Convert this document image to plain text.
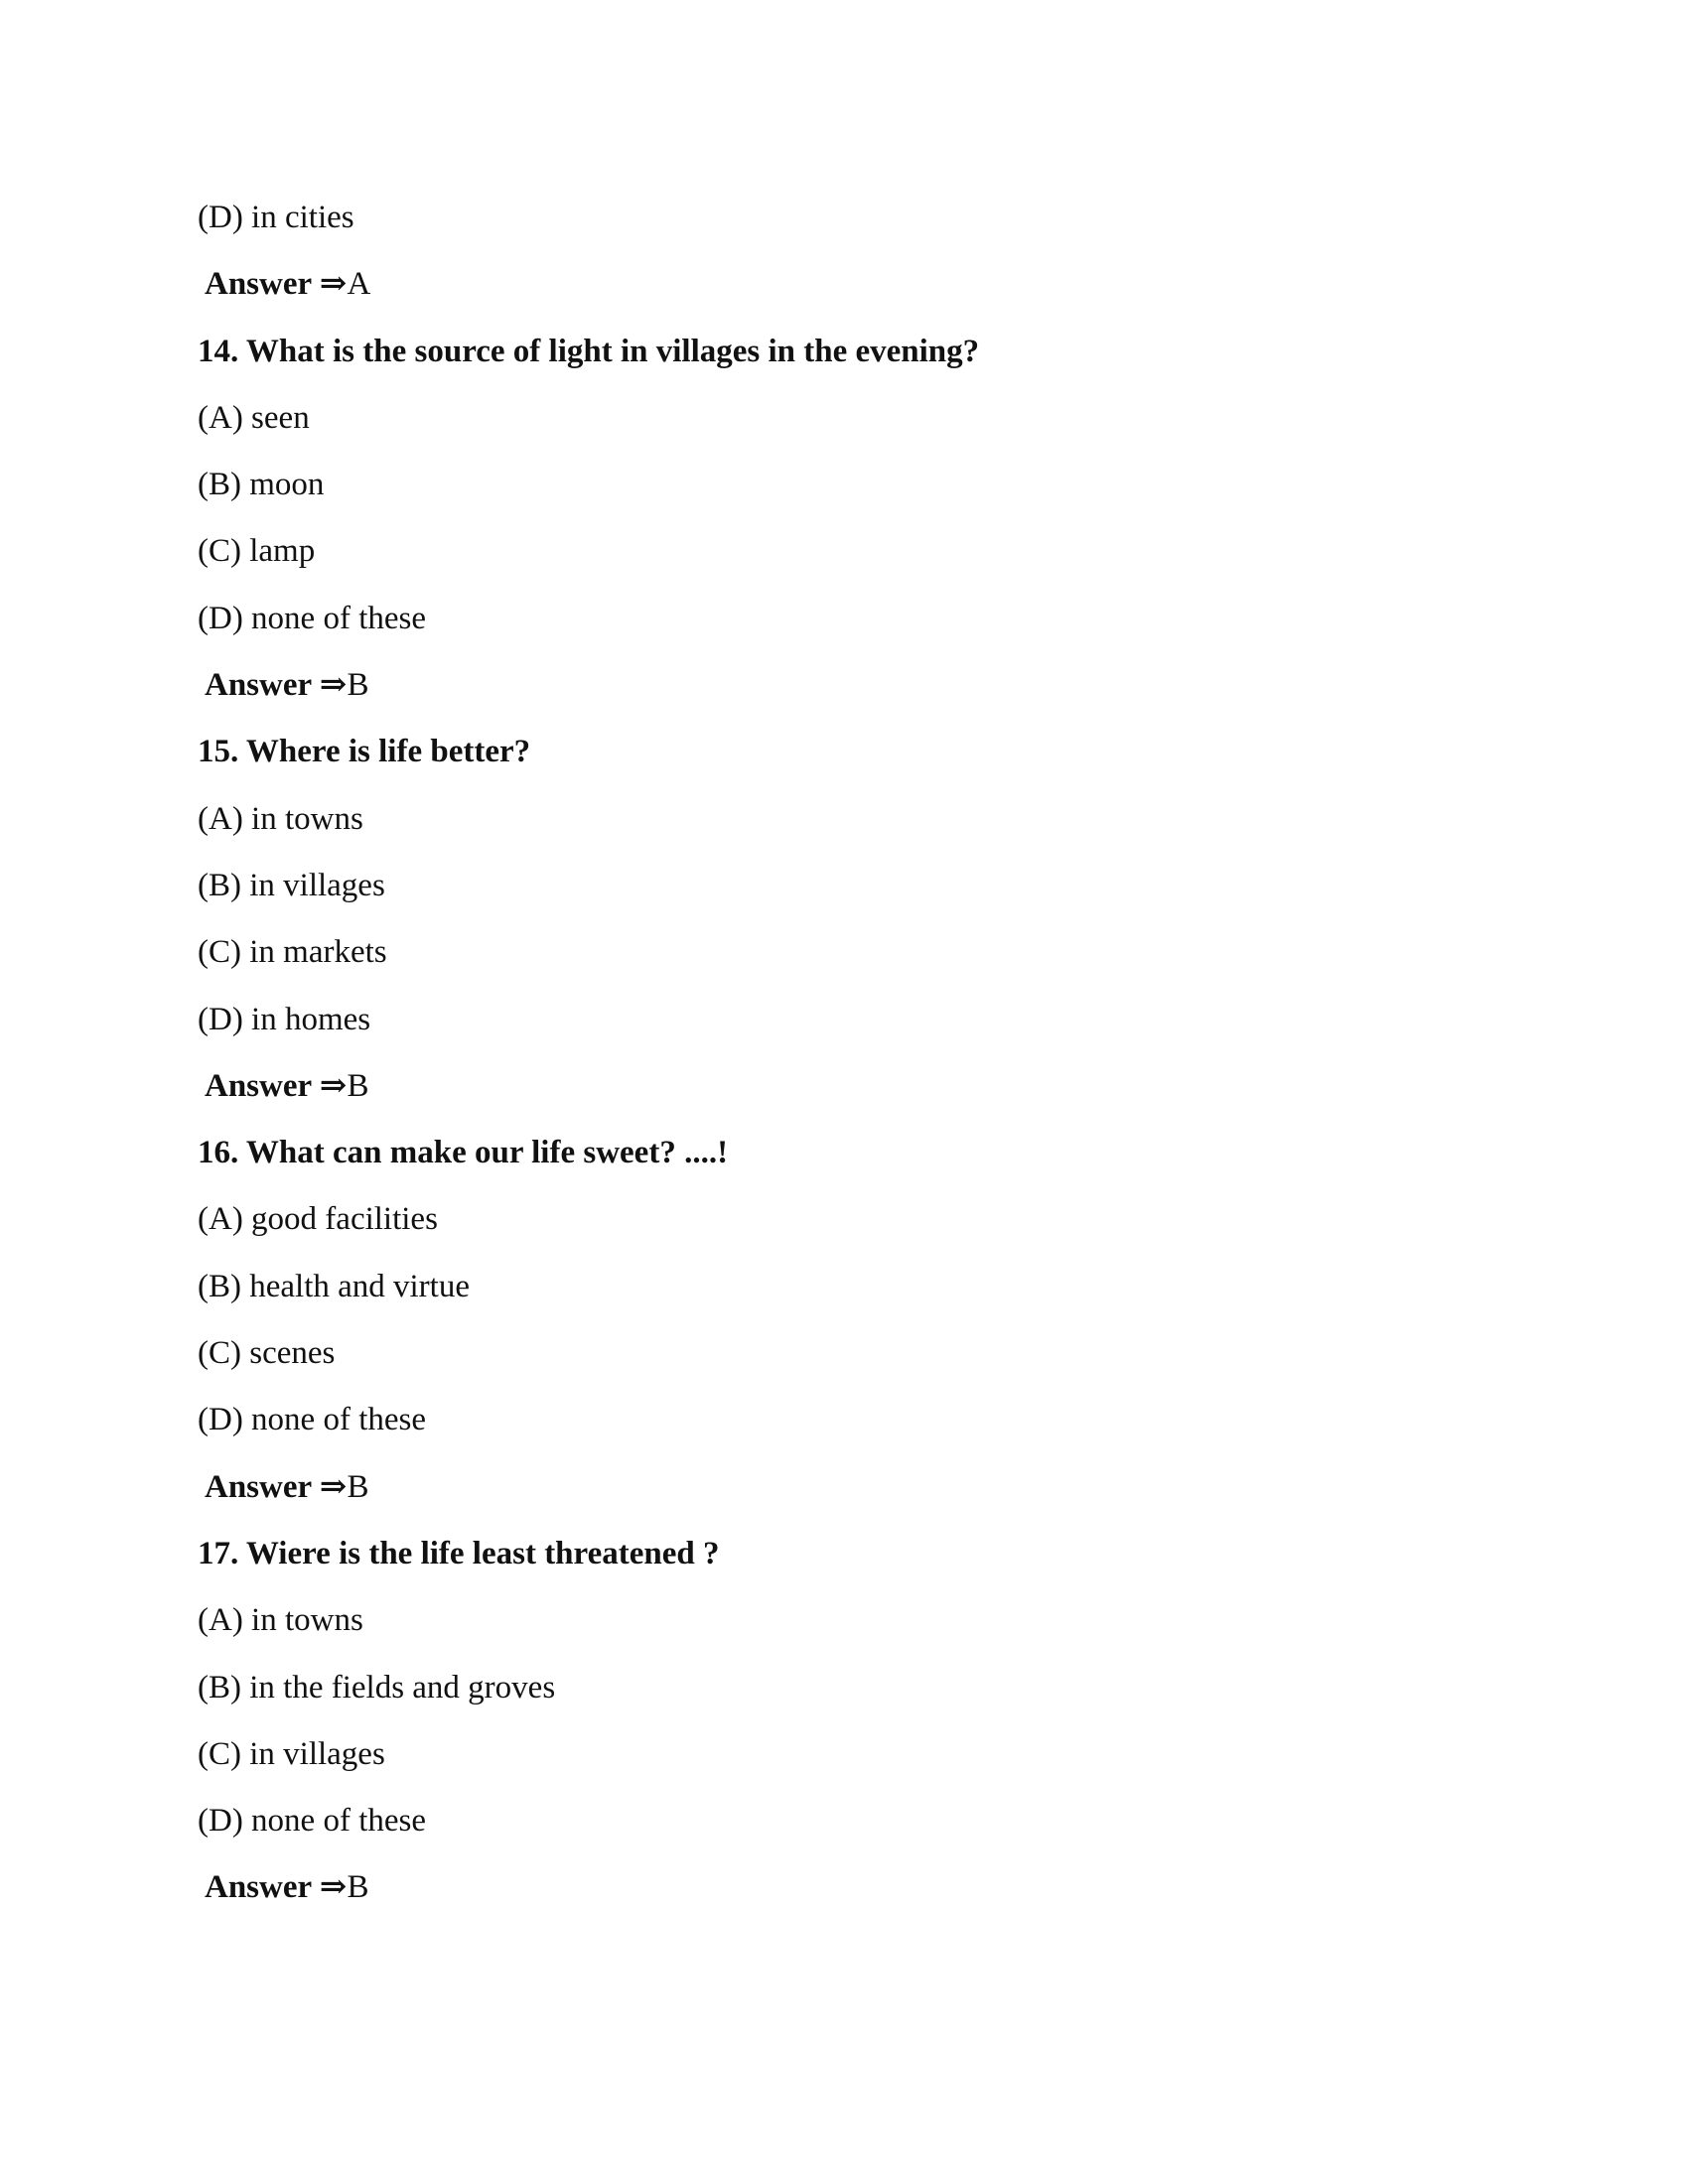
(D) in cities
Answer ⇒A
14. What is the source of light in villages in the evening?
(A) seen
(B) moon
(C) lamp
(D) none of these
Answer ⇒B
15. Where is life better?
(A) in towns
(B) in villages
(C) in markets
(D) in homes
Answer ⇒B
16. What can make our life sweet? ....!
(A) good facilities
(B) health and virtue
(C) scenes
(D) none of these
Answer ⇒B
17. Wiere is the life least threatened ?
(A) in towns
(B) in the fields and groves
(C) in villages
(D) none of these
Answer ⇒B
